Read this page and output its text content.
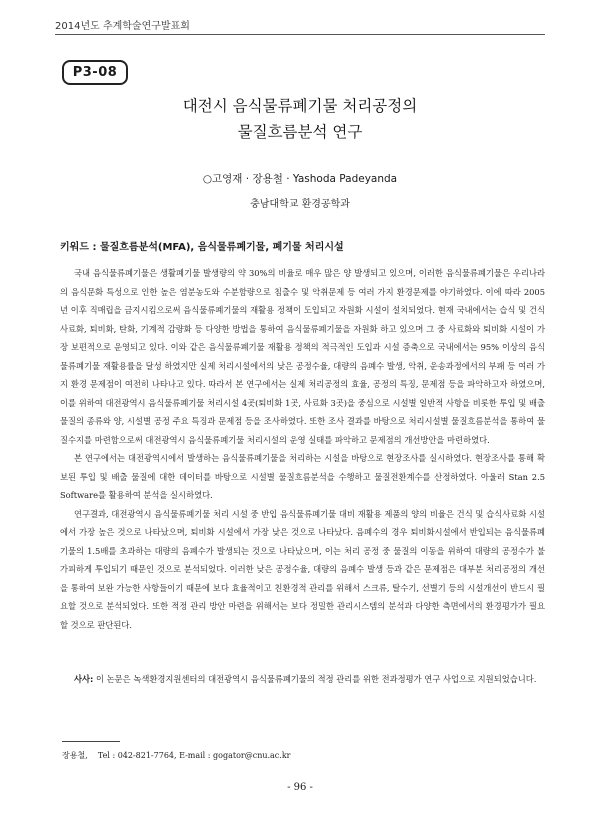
2014년도 추계학술연구발표회
P3-08
대전시 음식물류폐기물 처리공정의
물질흐름분석 연구
○고영재 · 장용철 · Yashoda Padeyanda
충남대학교 환경공학과
키워드 : 물질흐름분석(MFA), 음식물류폐기물, 폐기물 처리시설

국내 음식물류폐기물은 생활폐기물 발생량의 약 30%의 비율로 매우 많은 양 발생되고 있으며, 이러한 음식물류폐기물은 우리나라의 음식문화 특성으로 인한 높은 염분농도와 수분함량으로 침출수 및 악취문제 등 여러 가지 환경문제를 야기하였다. 이에 따라 2005년 이후 직매립을 금지시킴으로써 음식물류폐기물의 재활용 정책이 도입되고 자원화 시설이 설치되었다. 현재 국내에서는 습식 및 건식 사료화, 퇴비화, 탄화, 기계적 감량화 등 다양한 방법을 통하여 음식물류폐기물을 자원화 하고 있으며 그 중 사료화와 퇴비화 시설이 가장 보편적으로 운영되고 있다. 이와 같은 음식물류폐기물 재활용 정책의 적극적인 도입과 시설 증축으로 국내에서는 95% 이상의 음식물류폐기물 재활용률을 달성 하였지만 실제 처리시설에서의 낮은 공정수율, 대량의 음폐수 발생, 악취, 운송과정에서의 부패 등 여러 가지 환경 문제점이 여전히 나타나고 있다. 따라서 본 연구에서는 실제 처리공정의 효율, 공정의 특징, 문제점 등을 파악하고자 하였으며, 이를 위하여 대전광역시 음식물류폐기물 처리시설 4곳(퇴비화 1곳, 사료화 3곳)을 중심으로 시설별 일반적 사항을 비롯한 투입 및 배출 물질의 종류와 양, 시설별 공정 주요 특징과 문제점 등을 조사하였다. 또한 조사 결과를 바탕으로 처리시설별 물질흐름분석을 통하여 물질수지를 마련함으로써 대전광역시 음식물류폐기물 처리시설의 운영 실태를 파악하고 문제점의 개선방안을 마련하였다.

본 연구에서는 대전광역시에서 발생하는 음식물류폐기물을 처리하는 시설을 바탕으로 현장조사를 실시하였다. 현장조사를 통해 확보된 투입 및 배출 물질에 대한 데이터를 바탕으로 시설별 물질흐름분석을 수행하고 물질전환계수를 산정하였다. 아울러 Stan 2.5 Software를 활용하여 분석을 실시하였다.

연구결과, 대전광역시 음식물류폐기물 처리 시설 중 반입 음식물류폐기물 대비 재활용 제품의 양의 비율은 건식 및 습식사료화 시설에서 가장 높은 것으로 나타났으며, 퇴비화 시설에서 가장 낮은 것으로 나타났다. 음폐수의 경우 퇴비화시설에서 반입되는 음식물류폐기물의 1.5배를 초과하는 대량의 음폐수가 발생되는 것으로 나타났으며, 이는 처리 공정 중 물질의 이동을 위하여 대량의 공정수가 불가피하게 투입되기 때문인 것으로 분석되었다. 이러한 낮은 공정수율, 대량의 음폐수 발생 등과 같은 문제점은 대부분 처리공정의 개선을 통하여 보완 가능한 사항들이기 때문에 보다 효율적이고 친환경적 관리를 위해서 스크류, 탈수기, 선별기 등의 시설개선이 반드시 필요할 것으로 분석되었다. 또한 적정 관리 방안 마련을 위해서는 보다 정밀한 관리시스템의 분석과 다양한 측면에서의 환경평가가 필요할 것으로 판단된다.

사사: 이 논문은 녹색환경지원센터의 대전광역시 음식물류폐기물의 적정 관리를 위한 전과정평가 연구 사업으로 지원되었습니다.
장용철,    Tel : 042-821-7764, E-mail : gogator@cnu.ac.kr
- 96 -
